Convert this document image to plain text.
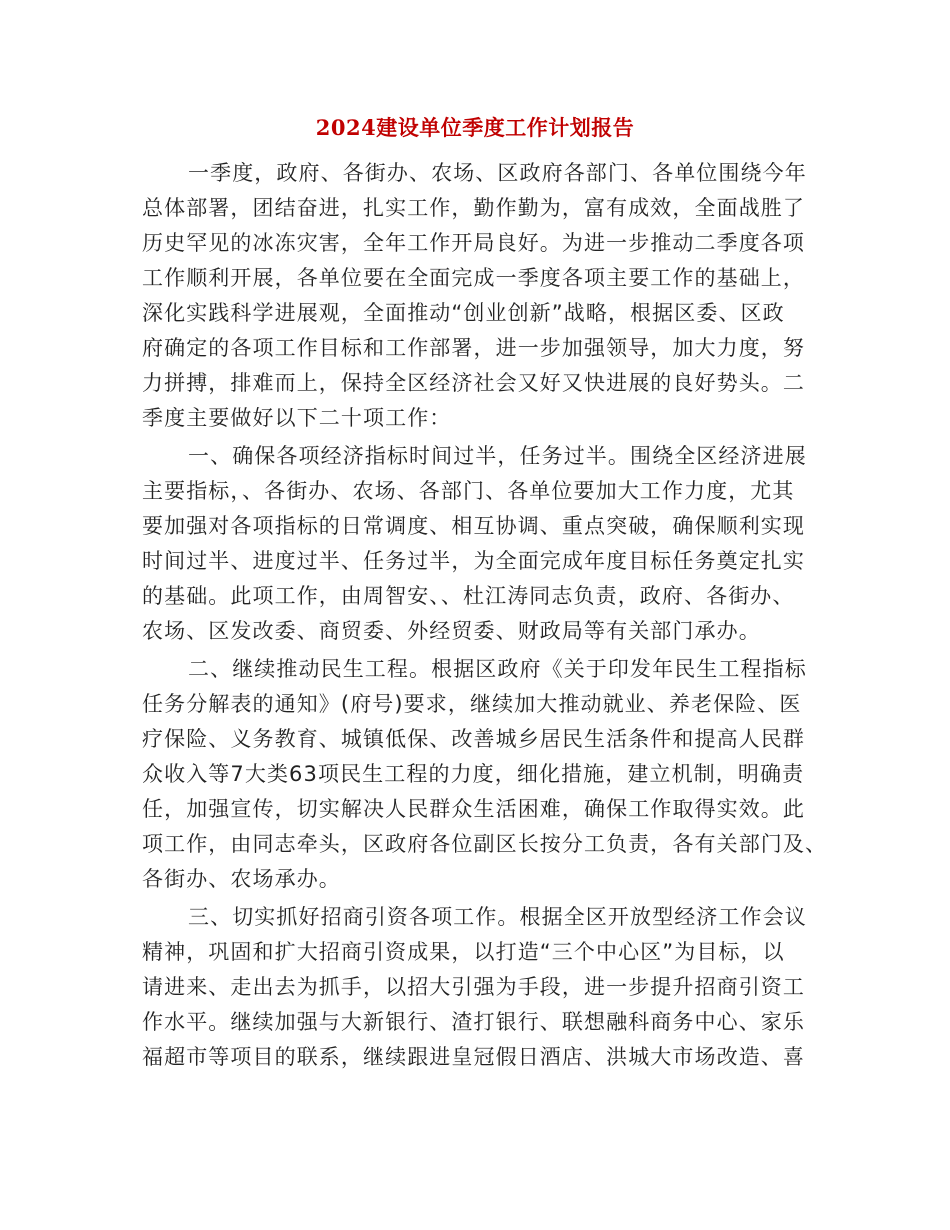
2024建设单位季度工作计划报告
一季度，政府、各街办、农场、区政府各部门、各单位围绕今年
总体部署，团结奋进，扎实工作，勤作勤为，富有成效，全面战胜了
历史罕见的冰冻灾害，全年工作开局良好。为进一步推动二季度各项
工作顺利开展，各单位要在全面完成一季度各项主要工作的基础上，
深化实践科学进展观，全面推动“创业创新”战略，根据区委、区政
府确定的各项工作目标和工作部署，进一步加强领导，加大力度，努
力拼搏，排难而上，保持全区经济社会又好又快进展的良好势头。二
季度主要做好以下二十项工作：
一、确保各项经济指标时间过半，任务过半。围绕全区经济进展
主要指标，、各街办、农场、各部门、各单位要加大工作力度，尤其
要加强对各项指标的日常调度、相互协调、重点突破，确保顺利实现
时间过半、进度过半、任务过半，为全面完成年度目标任务奠定扎实
的基础。此项工作，由周智安、、杜江涛同志负责，政府、各街办、
农场、区发改委、商贸委、外经贸委、财政局等有关部门承办。
二、继续推动民生工程。根据区政府《关于印发年民生工程指标
任务分解表的通知》(府号)要求，继续加大推动就业、养老保险、医
疗保险、义务教育、城镇低保、改善城乡居民生活条件和提高人民群
众收入等7大类63项民生工程的力度，细化措施，建立机制，明确责
任，加强宣传，切实解决人民群众生活困难，确保工作取得实效。此
项工作，由同志牵头，区政府各位副区长按分工负责，各有关部门及、
各街办、农场承办。
三、切实抓好招商引资各项工作。根据全区开放型经济工作会议
精神，巩固和扩大招商引资成果，以打造“三个中心区”为目标，以
请进来、走出去为抓手，以招大引强为手段，进一步提升招商引资工
作水平。继续加强与大新银行、渣打银行、联想融科商务中心、家乐
福超市等项目的联系，继续跟进皇冠假日酒店、洪城大市场改造、喜
